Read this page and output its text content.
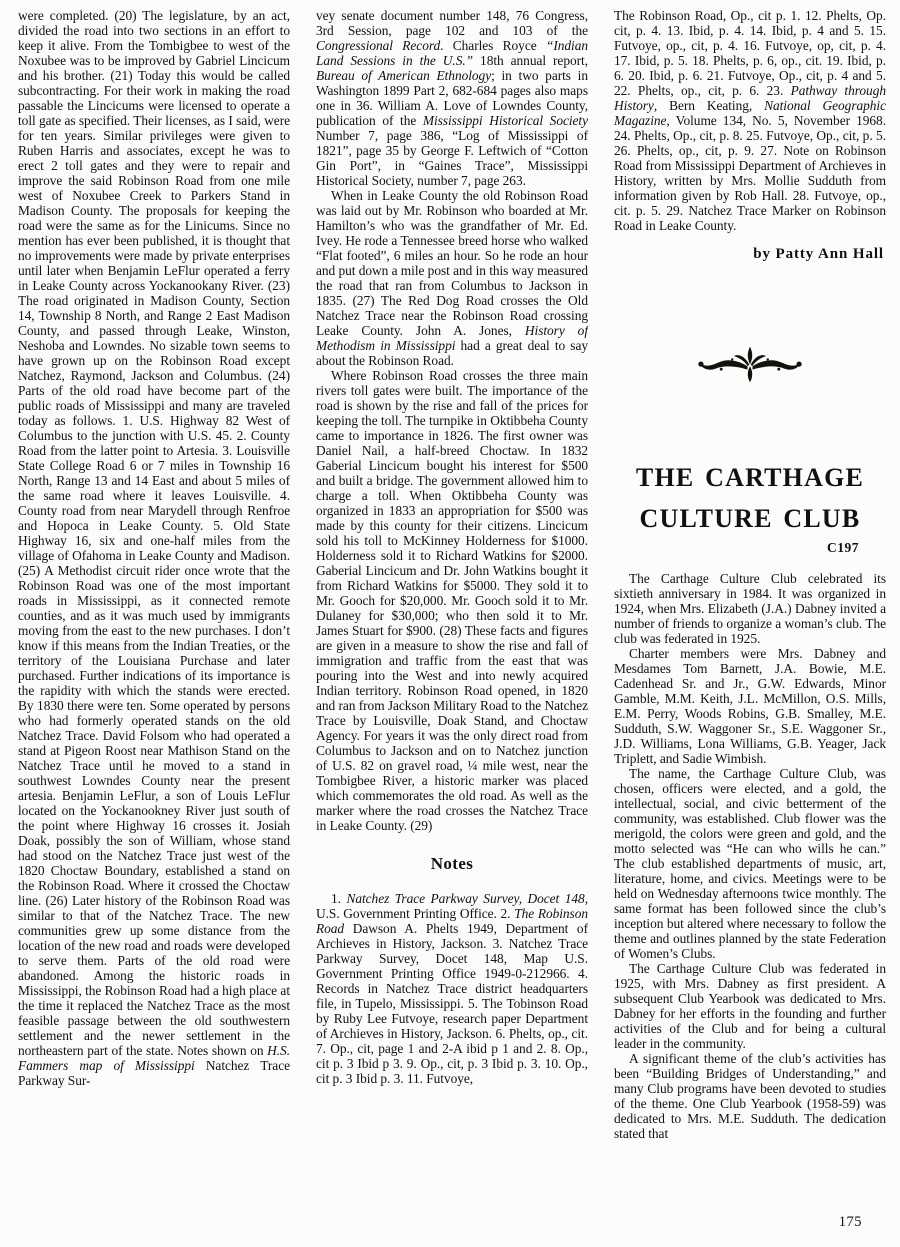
were completed. (20) The legislature, by an act, divided the road into two sections in an effort to keep it alive. From the Tombigbee to west of the Noxubee was to be improved by Gabriel Lincicum and his brother. (21) Today this would be called subcontracting. For their work in making the road passable the Lincicums were licensed to operate a toll gate as specified. Their licenses, as I said, were for ten years. Similar privileges were given to Ruben Harris and associates, except he was to erect 2 toll gates and they were to repair and improve the said Robinson Road from one mile west of Noxubee Creek to Parkers Stand in Madison County. The proposals for keeping the road were the same as for the Linicums. Since no mention has ever been published, it is thought that no improvements were made by private enterprises until later when Benjamin LeFlur operated a ferry in Leake County across Yockanookany River. (23) The road originated in Madison County, Section 14, Township 8 North, and Range 2 East Madison County, and passed through Leake, Winston, Neshoba and Lowndes. No sizable town seems to have grown up on the Robinson Road except Natchez, Raymond, Jackson and Columbus. (24) Parts of the old road have become part of the public roads of Mississippi and many are traveled today as follows. 1. U.S. Highway 82 West of Columbus to the junction with U.S. 45. 2. County Road from the latter point to Artesia. 3. Louisville State College Road 6 or 7 miles in Township 16 North, Range 13 and 14 East and about 5 miles of the same road where it leaves Louisville. 4. County road from near Marydell through Renfroe and Hopoca in Leake County. 5. Old State Highway 16, six and one-half miles from the village of Ofahoma in Leake County and Madison. (25) A Methodist circuit rider once wrote that the Robinson Road was one of the most important roads in Mississippi, as it connected remote counties, and as it was much used by immigrants moving from the east to the new purchases. I don’t know if this means from the Indian Treaties, or the territory of the Louisiana Purchase and later purchased. Further indications of its importance is the rapidity with which the stands were erected. By 1830 there were ten. Some operated by persons who had formerly operated stands on the old Natchez Trace. David Folsom who had operated a stand at Pigeon Roost near Mathison Stand on the Natchez Trace until he moved to a stand in southwest Lowndes County near the present artesia. Benjamin LeFlur, a son of Louis LeFlur located on the Yockanookney River just south of the point where Highway 16 crosses it. Josiah Doak, possibly the son of William, whose stand had stood on the Natchez Trace just west of the 1820 Choctaw Boundary, established a stand on the Robinson Road. Where it crossed the Choctaw line. (26) Later history of the Robinson Road was similar to that of the Natchez Trace. The new communities grew up some distance from the location of the new road and roads were developed to serve them. Parts of the old road were abandoned. Among the historic roads in Mississippi, the Robinson Road had a high place at the time it replaced the Natchez Trace as the most feasible passage between the old southwestern settlement and the newer settlement in the northeastern part of the state. Notes shown on H.S. Fammers map of Mississippi Natchez Trace Parkway Sur-

vey senate document number 148, 76 Congress, 3rd Session, page 102 and 103 of the Congressional Record. Charles Royce “Indian Land Sessions in the U.S.” 18th annual report, Bureau of American Ethnology; in two parts in Washington 1899 Part 2, 682-684 pages also maps one in 36. William A. Love of Lowndes County, publication of the Mississippi Historical Society Number 7, page 386, “Log of Mississippi of 1821”, page 35 by George F. Leftwich of “Cotton Gin Port”, in “Gaines Trace”, Mississippi Historical Society, number 7, page 263.

When in Leake County the old Robinson Road was laid out by Mr. Robinson who boarded at Mr. Hamilton’s who was the grandfather of Mr. Ed. Ivey. He rode a Tennessee breed horse who walked “Flat footed”, 6 miles an hour. So he rode an hour and put down a mile post and in this way measured the road that ran from Columbus to Jackson in 1835. (27) The Red Dog Road crosses the Old Natchez Trace near the Robinson Road crossing Leake County. John A. Jones, History of Methodism in Mississippi had a great deal to say about the Robinson Road.

Where Robinson Road crosses the three main rivers toll gates were built. The importance of the road is shown by the rise and fall of the prices for keeping the toll. The turnpike in Oktibbeha County came to importance in 1826. The first owner was Daniel Nail, a half-breed Choctaw. In 1832 Gaberial Lincicum bought his interest for $500 and built a bridge. The government allowed him to charge a toll. When Oktibbeha County was organized in 1833 an appropriation for $500 was made by this county for their citizens. Lincicum sold his toll to McKinney Holderness for $1000. Holderness sold it to Richard Watkins for $2000. Gaberial Lincicum and Dr. John Watkins bought it from Richard Watkins for $5000. They sold it to Mr. Gooch for $20,000. Mr. Gooch sold it to Mr. Dulaney for $30,000; who then sold it to Mr. James Stuart for $900. (28) These facts and figures are given in a measure to show the rise and fall of immigration and traffic from the east that was pouring into the West and into newly acquired Indian territory. Robinson Road opened, in 1820 and ran from Jackson Military Road to the Natchez Trace by Louisville, Doak Stand, and Choctaw Agency. For years it was the only direct road from Columbus to Jackson and on to Natchez junction of U.S. 82 on gravel road, ¼ mile west, near the Tombigbee River, a historic marker was placed which commemorates the old road. As well as the marker where the road crosses the Natchez Trace in Leake County. (29)

Notes

1. Natchez Trace Parkway Survey, Docet 148, U.S. Government Printing Office. 2. The Robinson Road Dawson A. Phelts 1949, Department of Archieves in History, Jackson. 3. Natchez Trace Parkway Survey, Docet 148, Map U.S. Government Printing Office 1949-0-212966. 4. Records in Natchez Trace district headquarters file, in Tupelo, Mississippi. 5. The Tobinson Road by Ruby Lee Futvoye, research paper Department of Archieves in History, Jackson. 6. Phelts, op., cit. 7. Op., cit, page 1 and 2-A ibid p 1 and 2. 8. Op., cit p. 3 Ibid p 3. 9. Op., cit, p. 3 Ibid p. 3. 10. Op., cit p. 3 Ibid p. 3. 11. Futvoye,

The Robinson Road, Op., cit p. 1. 12. Phelts, Op. cit, p. 4. 13. Ibid, p. 4. 14. Ibid, p. 4 and 5. 15. Futvoye, op., cit, p. 4. 16. Futvoye, op, cit, p. 4. 17. Ibid, p. 5. 18. Phelts, p. 6, op., cit. 19. Ibid, p. 6. 20. Ibid, p. 6. 21. Futvoye, Op., cit, p. 4 and 5. 22. Phelts, op., cit, p. 6. 23. Pathway through History, Bern Keating, National Geographic Magazine, Volume 134, No. 5, November 1968. 24. Phelts, Op., cit, p. 8. 25. Futvoye, Op., cit, p. 5. 26. Phelts, op., cit, p. 9. 27. Note on Robinson Road from Mississippi Department of Archieves in History, written by Mrs. Mollie Sudduth from information given by Rob Hall. 28. Futvoye, op., cit. p. 5. 29. Natchez Trace Marker on Robinson Road in Leake County.

by Patty Ann Hall
THE CARTHAGE CULTURE CLUB
C197

The Carthage Culture Club celebrated its sixtieth anniversary in 1984. It was organized in 1924, when Mrs. Elizabeth (J.A.) Dabney invited a number of friends to organize a woman’s club. The club was federated in 1925.

Charter members were Mrs. Dabney and Mesdames Tom Barnett, J.A. Bowie, M.E. Cadenhead Sr. and Jr., G.W. Edwards, Minor Gamble, M.M. Keith, J.L. McMillon, O.S. Mills, E.M. Perry, Woods Robins, G.B. Smalley, M.E. Sudduth, S.W. Waggoner Sr., S.E. Waggoner Sr., J.D. Williams, Lona Williams, G.B. Yeager, Jack Triplett, and Sadie Wimbish.

The name, the Carthage Culture Club, was chosen, officers were elected, and a gold, the intellectual, social, and civic betterment of the community, was established. Club flower was the merigold, the colors were green and gold, and the motto selected was “He can who wills he can.” The club established departments of music, art, literature, home, and civics. Meetings were to be held on Wednesday afternoons twice monthly. The same format has been followed since the club’s inception but altered where necessary to follow the theme and outlines planned by the state Federation of Women’s Clubs.

The Carthage Culture Club was federated in 1925, with Mrs. Dabney as first president. A subsequent Club Yearbook was dedicated to Mrs. Dabney for her efforts in the founding and further activities of the Club and for being a cultural leader in the community.

A significant theme of the club’s activities has been “Building Bridges of Understanding,” and many Club programs have been devoted to studies of the theme. One Club Yearbook (1958-59) was dedicated to Mrs. M.E. Sudduth. The dedication stated that

175
